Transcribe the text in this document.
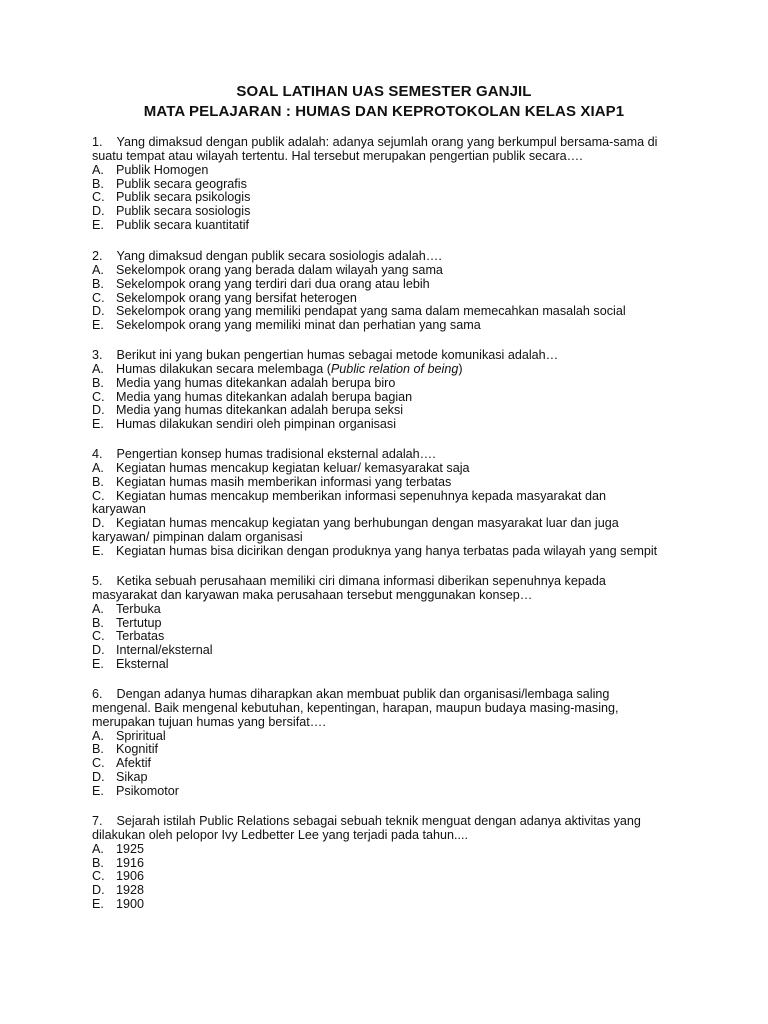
SOAL LATIHAN UAS SEMESTER GANJIL
MATA PELAJARAN : HUMAS DAN KEPROTOKOLAN KELAS XIAP1
1. Yang dimaksud dengan publik adalah: adanya sejumlah orang yang berkumpul bersama-sama di
suatu tempat atau wilayah tertentu. Hal tersebut merupakan pengertian publik secara….
A. Publik Homogen
B. Publik secara geografis
C. Publik secara psikologis
D. Publik secara sosiologis
E. Publik secara kuantitatif
2. Yang dimaksud dengan publik secara sosiologis adalah….
A. Sekelompok orang yang berada dalam wilayah yang sama
B. Sekelompok orang yang terdiri dari dua orang atau lebih
C. Sekelompok orang yang bersifat heterogen
D. Sekelompok orang yang memiliki pendapat yang sama dalam memecahkan masalah social
E. Sekelompok orang yang memiliki minat dan perhatian yang sama
3. Berikut ini yang bukan pengertian humas sebagai metode komunikasi adalah…
A. Humas dilakukan secara melembaga (Public relation of being)
B. Media yang humas ditekankan adalah berupa biro
C. Media yang humas ditekankan adalah berupa bagian
D. Media yang humas ditekankan adalah berupa seksi
E. Humas dilakukan sendiri oleh pimpinan organisasi
4. Pengertian konsep humas tradisional eksternal adalah….
A. Kegiatan humas mencakup kegiatan keluar/ kemasyarakat saja
B. Kegiatan humas masih memberikan informasi yang terbatas
C. Kegiatan humas mencakup memberikan informasi sepenuhnya kepada masyarakat dan
karyawan
D. Kegiatan humas mencakup kegiatan yang berhubungan dengan masyarakat luar dan juga
karyawan/ pimpinan dalam organisasi
E. Kegiatan humas bisa dicirikan dengan produknya yang hanya terbatas pada wilayah yang sempit
5. Ketika sebuah perusahaan memiliki ciri dimana informasi diberikan sepenuhnya kepada
masyarakat dan karyawan maka perusahaan tersebut menggunakan konsep…
A. Terbuka
B. Tertutup
C. Terbatas
D. Internal/eksternal
E. Eksternal
6. Dengan adanya humas diharapkan akan membuat publik dan organisasi/lembaga saling
mengenal. Baik mengenal kebutuhan, kepentingan, harapan, maupun budaya masing-masing,
merupakan tujuan humas yang bersifat….
A. Spriritual
B. Kognitif
C. Afektif
D. Sikap
E. Psikomotor
7. Sejarah istilah Public Relations sebagai sebuah teknik menguat dengan adanya aktivitas yang
dilakukan oleh pelopor Ivy Ledbetter Lee yang terjadi pada tahun....
A. 1925
B. 1916
C. 1906
D. 1928
E. 1900
